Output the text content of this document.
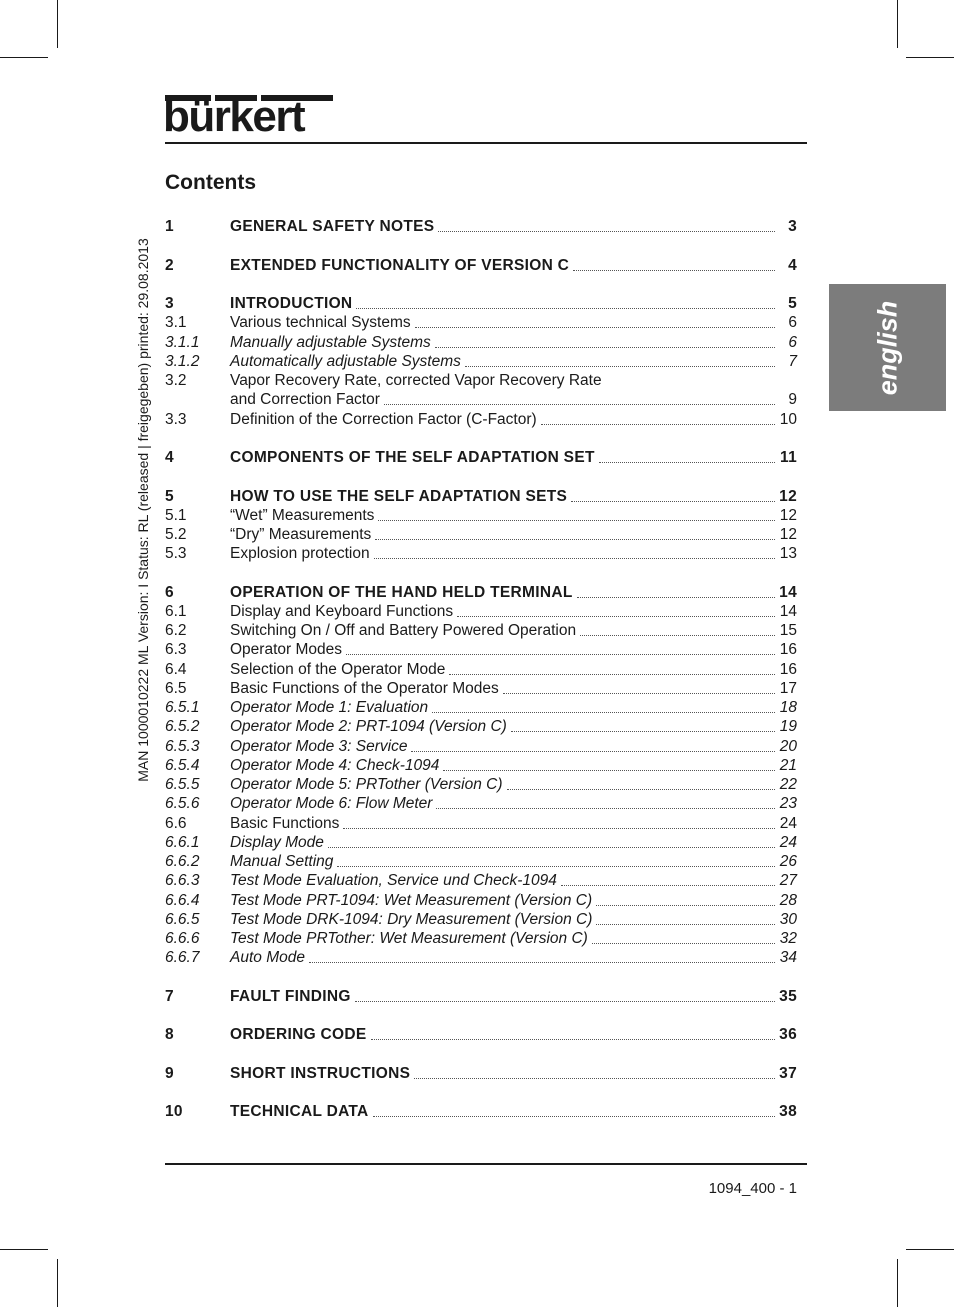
bürkert
Contents
english
MAN 1000010222 ML Version: I Status: RL (released | freigegeben) printed: 29.08.2013
1	GENERAL SAFETY NOTES	3
2	EXTENDED FUNCTIONALITY OF VERSION C	4
3	INTRODUCTION	5
3.1	Various technical Systems	6
3.1.1 Manually adjustable Systems	6
3.1.2 Automatically adjustable Systems	7
3.2	Vapor Recovery Rate, corrected Vapor Recovery Rate
and Correction Factor	9
3.3	Definition of the Correction Factor (C-Factor)	10
4	COMPONENTS OF THE SELF ADAPTATION SET	11
5	HOW TO USE THE SELF ADAPTATION SETS	12
5.1	“Wet” Measurements	12
5.2	“Dry” Measurements	12
5.3	Explosion protection	13
6	OPERATION OF THE HAND HELD TERMINAL	14
6.1	Display and Keyboard Functions	14
6.2	Switching On / Off and Battery Powered Operation	15
6.3	Operator Modes	16
6.4	Selection of the Operator Mode	16
6.5	Basic Functions of the Operator Modes	17
6.5.1 Operator Mode 1: Evaluation	18
6.5.2 Operator Mode 2: PRT-1094 (Version C)	19
6.5.3 Operator Mode 3: Service	20
6.5.4 Operator Mode 4: Check-1094	21
6.5.5 Operator Mode 5: PRTother (Version C)	22
6.5.6 Operator Mode 6: Flow Meter	23
6.6	Basic Functions	24
6.6.1 Display Mode	24
6.6.2 Manual Setting	26
6.6.3 Test Mode Evaluation, Service und Check-1094	27
6.6.4 Test Mode PRT-1094: Wet Measurement (Version C)	28
6.6.5 Test Mode DRK-1094: Dry Measurement (Version C)	30
6.6.6 Test Mode PRTother: Wet Measurement (Version C)	32
6.6.7 Auto Mode	34
7	FAULT FINDING	35
8	ORDERING CODE	36
9	SHORT INSTRUCTIONS	37
10	TECHNICAL DATA	38
1094_400 - 1
